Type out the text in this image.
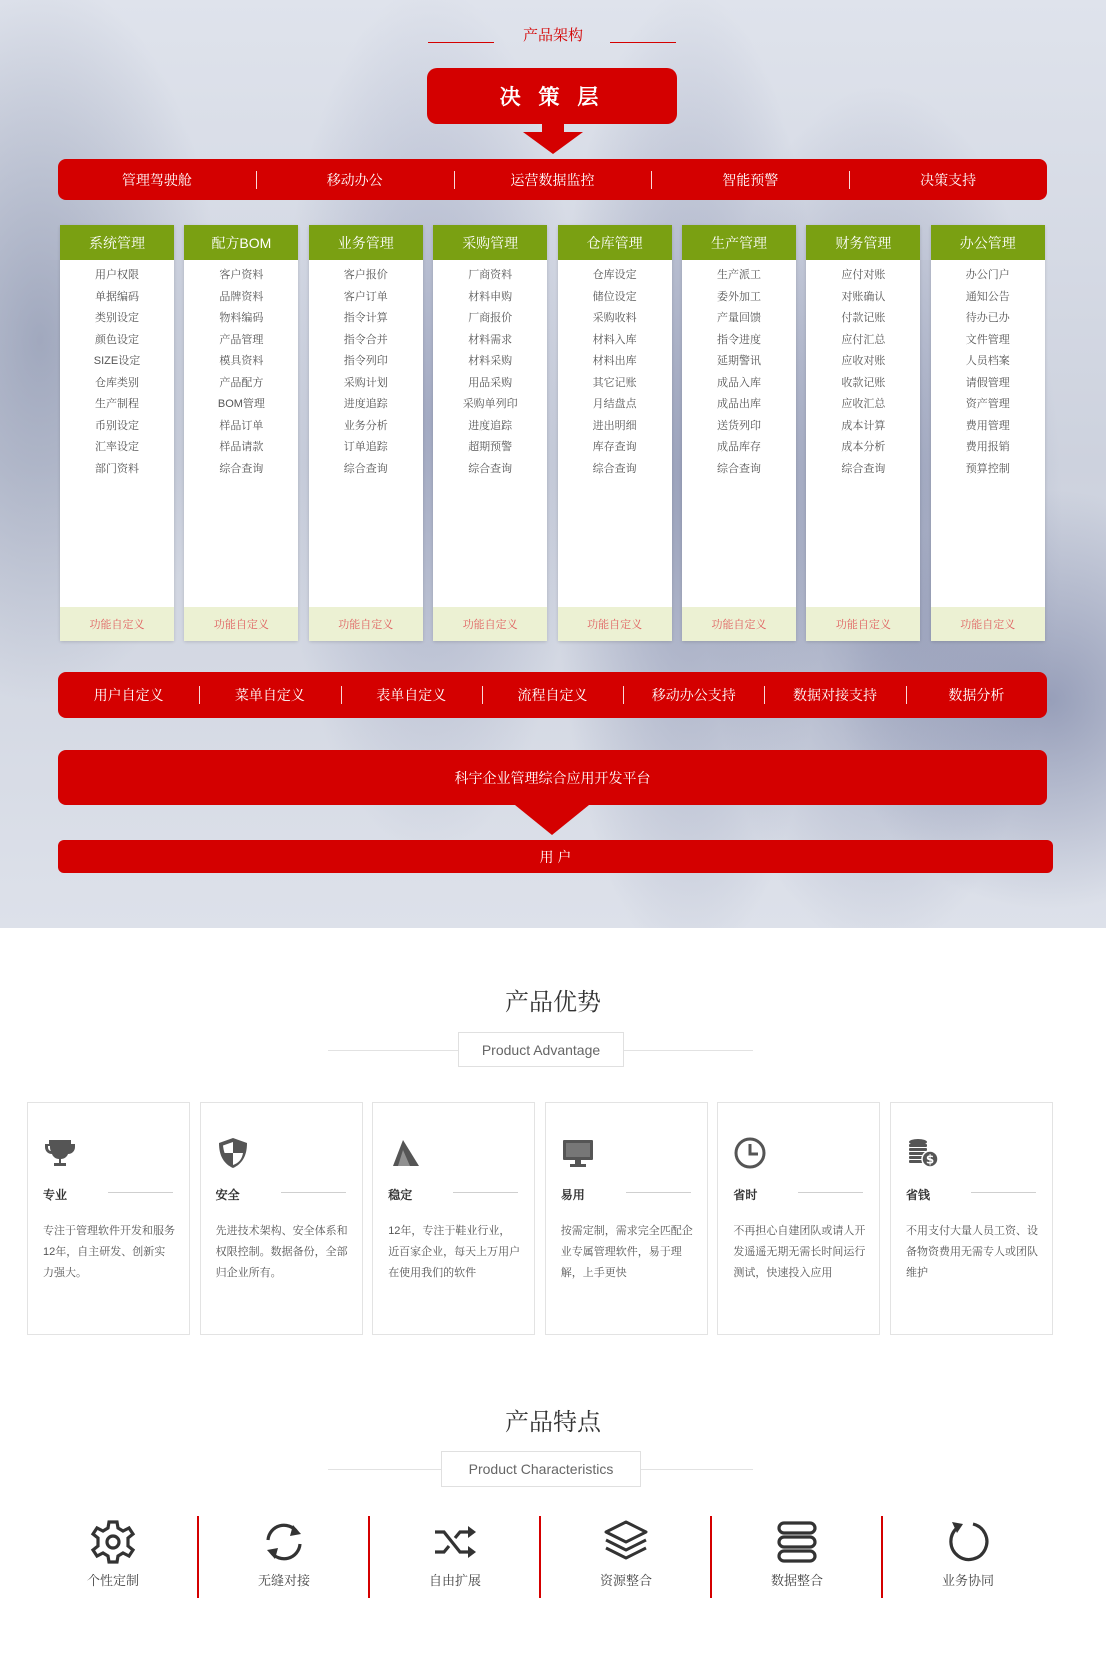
产品架构
决 策 层
管理驾驶舱	移动办公	运营数据监控	智能预警	决策支持
系统管理
用户权限
单据编码
类别设定
颜色设定
SIZE设定
仓库类别
生产制程
币别设定
汇率设定
部门资料
功能自定义
配方BOM
客户资料
品牌资料
物料编码
产品管理
模具资料
产品配方
BOM管理
样品订单
样品请款
综合查询
功能自定义
业务管理
客户报价
客户订单
指令计算
指令合并
指令列印
采购计划
进度追踪
业务分析
订单追踪
综合查询
功能自定义
采购管理
厂商资料
材料申购
厂商报价
材料需求
材料采购
用品采购
采购单列印
进度追踪
超期预警
综合查询
功能自定义
仓库管理
仓库设定
储位设定
采购收料
材料入库
材料出库
其它记账
月结盘点
进出明细
库存查询
综合查询
功能自定义
生产管理
生产派工
委外加工
产量回馈
指令进度
延期警讯
成品入库
成品出库
送货列印
成品库存
综合查询
功能自定义
财务管理
应付对账
对账确认
付款记账
应付汇总
应收对账
收款记账
应收汇总
成本计算
成本分析
综合查询
功能自定义
办公管理
办公门户
通知公告
待办已办
文件管理
人员档案
请假管理
资产管理
费用管理
费用报销
预算控制
功能自定义
用户自定义	菜单自定义	表单自定义	流程自定义	移动办公支持	数据对接支持	数据分析
科宇企业管理综合应用开发平台
用 户
产品优势
Product Advantage
专业
专注于管理软件开发和服务12年，自主研发、创新实力强大。
安全
先进技术架构、安全体系和权限控制。数据备份，全部归企业所有。
稳定
12年，专注于鞋业行业，近百家企业，每天上万用户在使用我们的软件
易用
按需定制，需求完全匹配企业专属管理软件，易于理解，上手更快
省时
不再担心自建团队或请人开发遥遥无期无需长时间运行测试，快速投入应用
$
省钱
不用支付大量人员工资、设备物资费用无需专人或团队维护
产品特点
Product Characteristics
个性定制	无缝对接	自由扩展	资源整合	数据整合	业务协同
